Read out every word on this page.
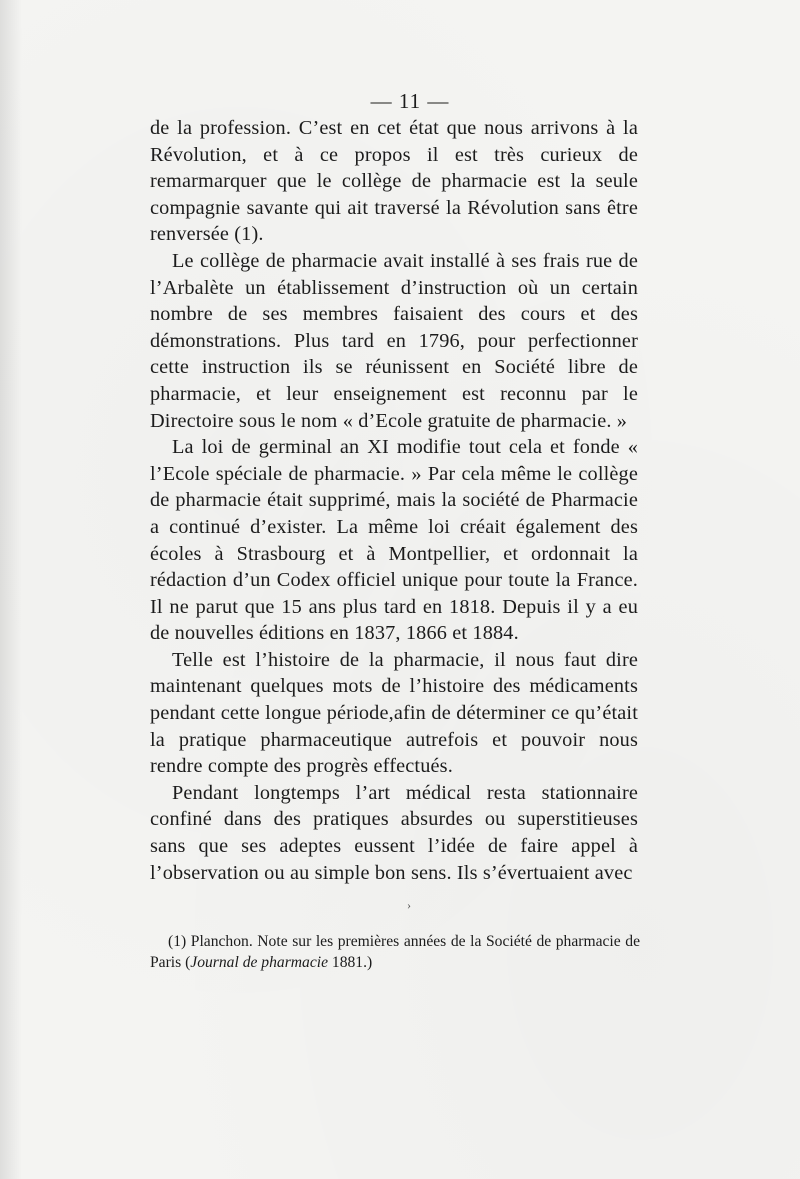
— 11 —

de la profession. C’est en cet état que nous arrivons à la Révolution, et à ce propos il est très curieux de remarmarquer que le collège de pharmacie est la seule compagnie savante qui ait traversé la Révolution sans être renversée (1).

Le collège de pharmacie avait installé à ses frais rue de l’Arbalète un établissement d’instruction où un certain nombre de ses membres faisaient des cours et des démonstrations. Plus tard en 1796, pour perfectionner cette instruction ils se réunissent en Société libre de pharmacie, et leur enseignement est reconnu par le Directoire sous le nom « d’Ecole gratuite de pharmacie. »

La loi de germinal an XI modifie tout cela et fonde « l’Ecole spéciale de pharmacie. » Par cela même le collège de pharmacie était supprimé, mais la société de Pharmacie a continué d’exister. La même loi créait également des écoles à Strasbourg et à Montpellier, et ordonnait la rédaction d’un Codex officiel unique pour toute la France. Il ne parut que 15 ans plus tard en 1818. Depuis il y a eu de nouvelles éditions en 1837, 1866 et 1884.

Telle est l’histoire de la pharmacie, il nous faut dire maintenant quelques mots de l’histoire des médicaments pendant cette longue période,afin de déterminer ce qu’était la pratique pharmaceutique autrefois et pouvoir nous rendre compte des progrès effectués.

Pendant longtemps l’art médical resta stationnaire confiné dans des pratiques absurdes ou superstitieuses sans que ses adeptes eussent l’idée de faire appel à l’observation ou au simple bon sens. Ils s’évertuaient avec

›
(1) Planchon. Note sur les premières années de la Société de pharmacie de Paris (Journal de pharmacie 1881.)
